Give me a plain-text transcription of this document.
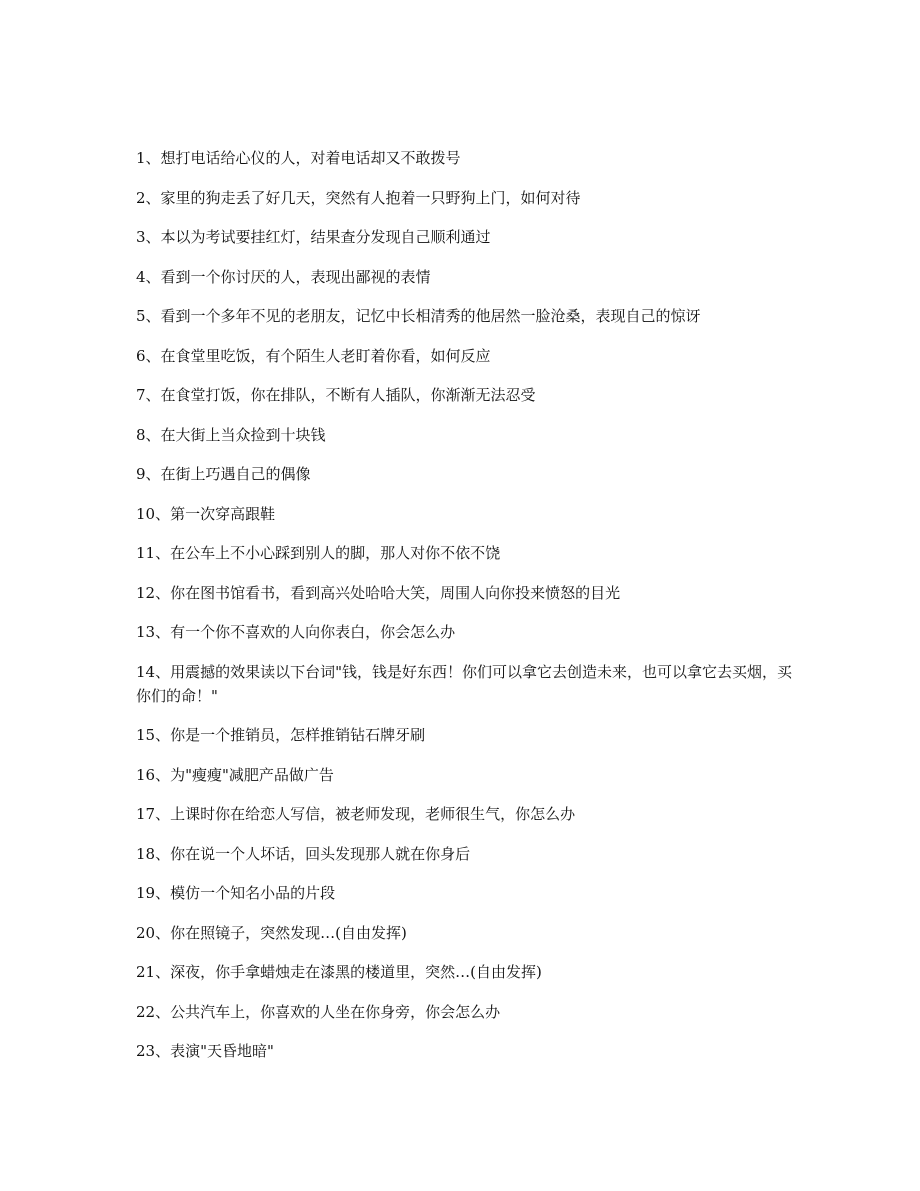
1、想打电话给心仪的人，对着电话却又不敢拨号
2、家里的狗走丢了好几天，突然有人抱着一只野狗上门，如何对待
3、本以为考试要挂红灯，结果查分发现自己顺利通过
4、看到一个你讨厌的人，表现出鄙视的表情
5、看到一个多年不见的老朋友，记忆中长相清秀的他居然一脸沧桑，表现自己的惊讶
6、在食堂里吃饭，有个陌生人老盯着你看，如何反应
7、在食堂打饭，你在排队，不断有人插队，你渐渐无法忍受
8、在大街上当众捡到十块钱
9、在街上巧遇自己的偶像
10、第一次穿高跟鞋
11、在公车上不小心踩到别人的脚，那人对你不依不饶
12、你在图书馆看书，看到高兴处哈哈大笑，周围人向你投来愤怒的目光
13、有一个你不喜欢的人向你表白，你会怎么办
14、用震撼的效果读以下台词"钱，钱是好东西！你们可以拿它去创造未来，也可以拿它去买烟，买你们的命！"
15、你是一个推销员，怎样推销钻石牌牙刷
16、为"瘦瘦"减肥产品做广告
17、上课时你在给恋人写信，被老师发现，老师很生气，你怎么办
18、你在说一个人坏话，回头发现那人就在你身后
19、模仿一个知名小品的片段
20、你在照镜子，突然发现…(自由发挥)
21、深夜，你手拿蜡烛走在漆黑的楼道里，突然…(自由发挥)
22、公共汽车上，你喜欢的人坐在你身旁，你会怎么办
23、表演"天昏地暗"
